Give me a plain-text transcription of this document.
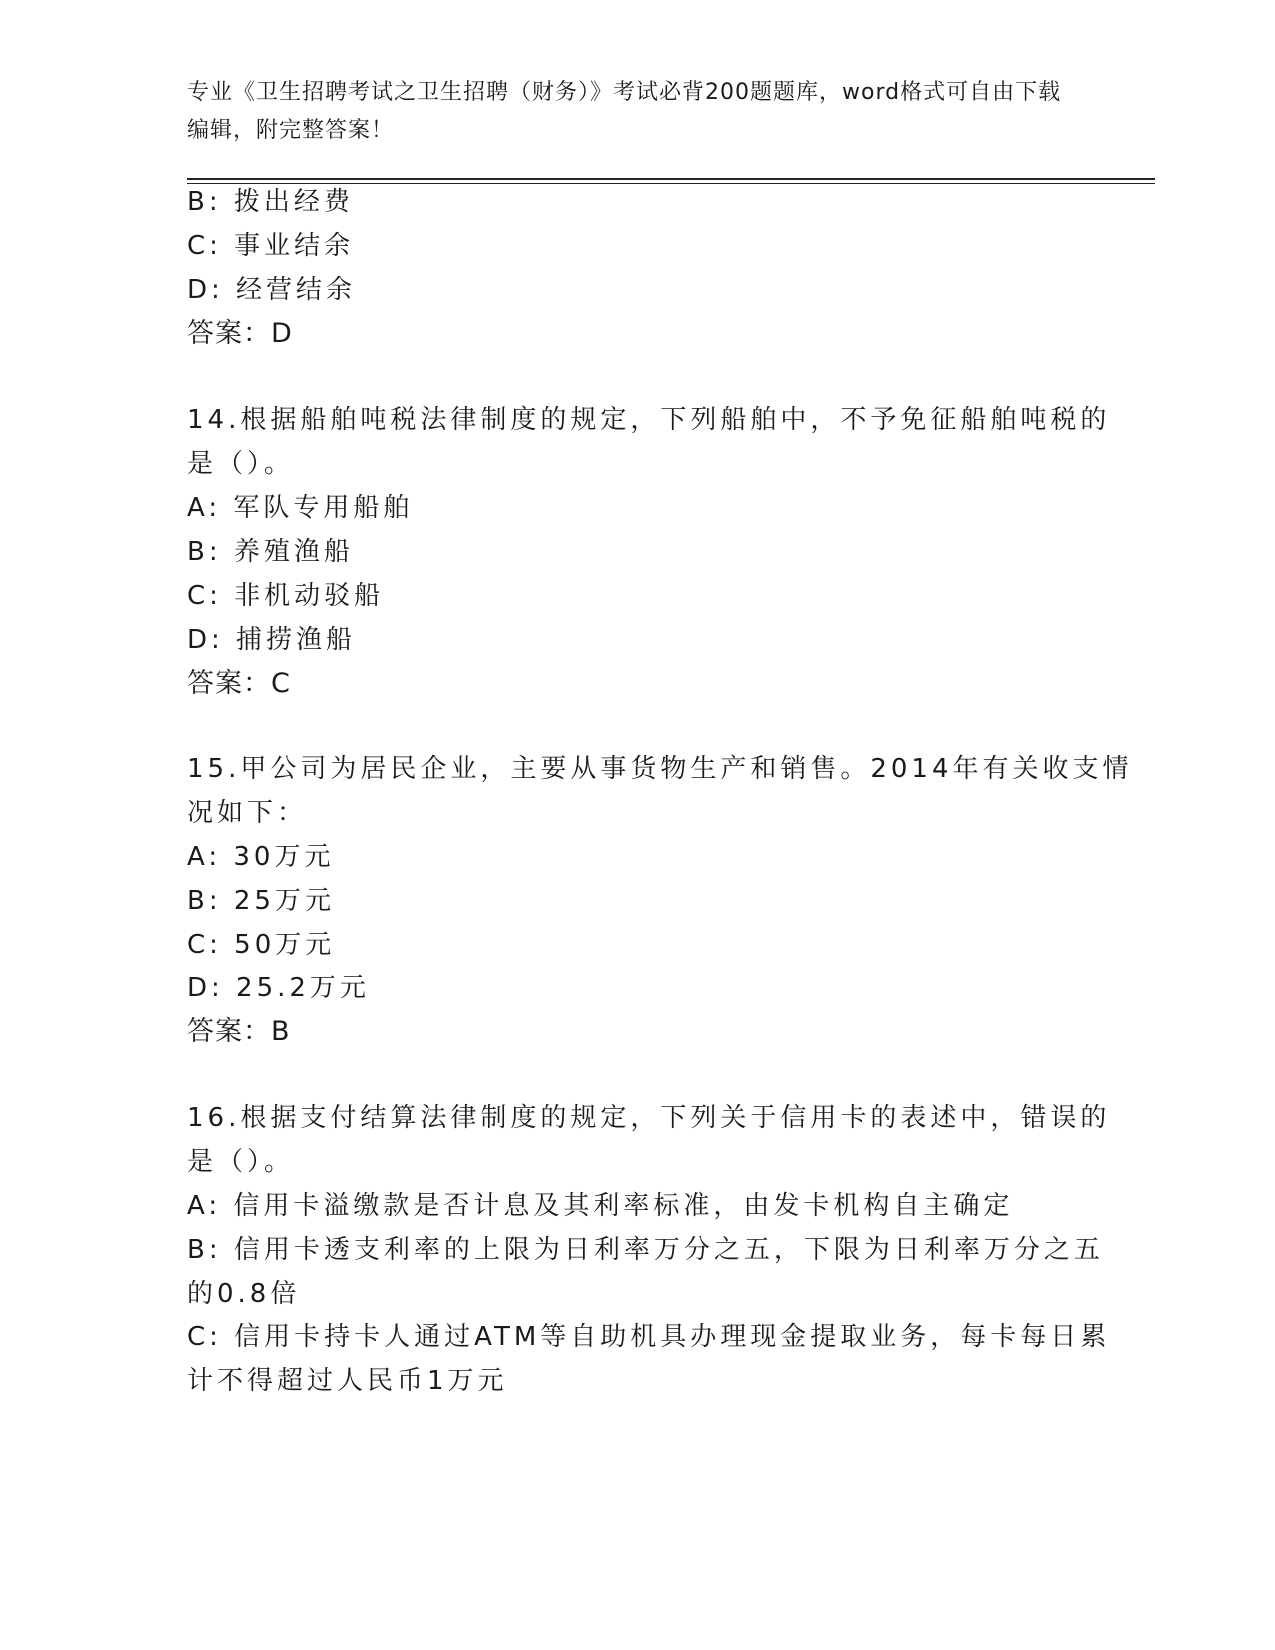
专业《卫生招聘考试之卫生招聘（财务）》考试必背200题题库，word格式可自由下载编辑，附完整答案！
B: 拨出经费
C: 事业结余
D: 经营结余
答案：D
14.根据船舶吨税法律制度的规定，下列船舶中，不予免征船舶吨税的
是（）。
A: 军队专用船舶
B: 养殖渔船
C: 非机动驳船
D: 捕捞渔船
答案：C
15.甲公司为居民企业，主要从事货物生产和销售。2014年有关收支情
况如下：
A: 30万元
B: 25万元
C: 50万元
D: 25.2万元
答案：B
16.根据支付结算法律制度的规定，下列关于信用卡的表述中，错误的
是（）。
A: 信用卡溢缴款是否计息及其利率标准，由发卡机构自主确定
B: 信用卡透支利率的上限为日利率万分之五，下限为日利率万分之五
的0.8倍
C: 信用卡持卡人通过ATM等自助机具办理现金提取业务，每卡每日累
计不得超过人民币1万元
